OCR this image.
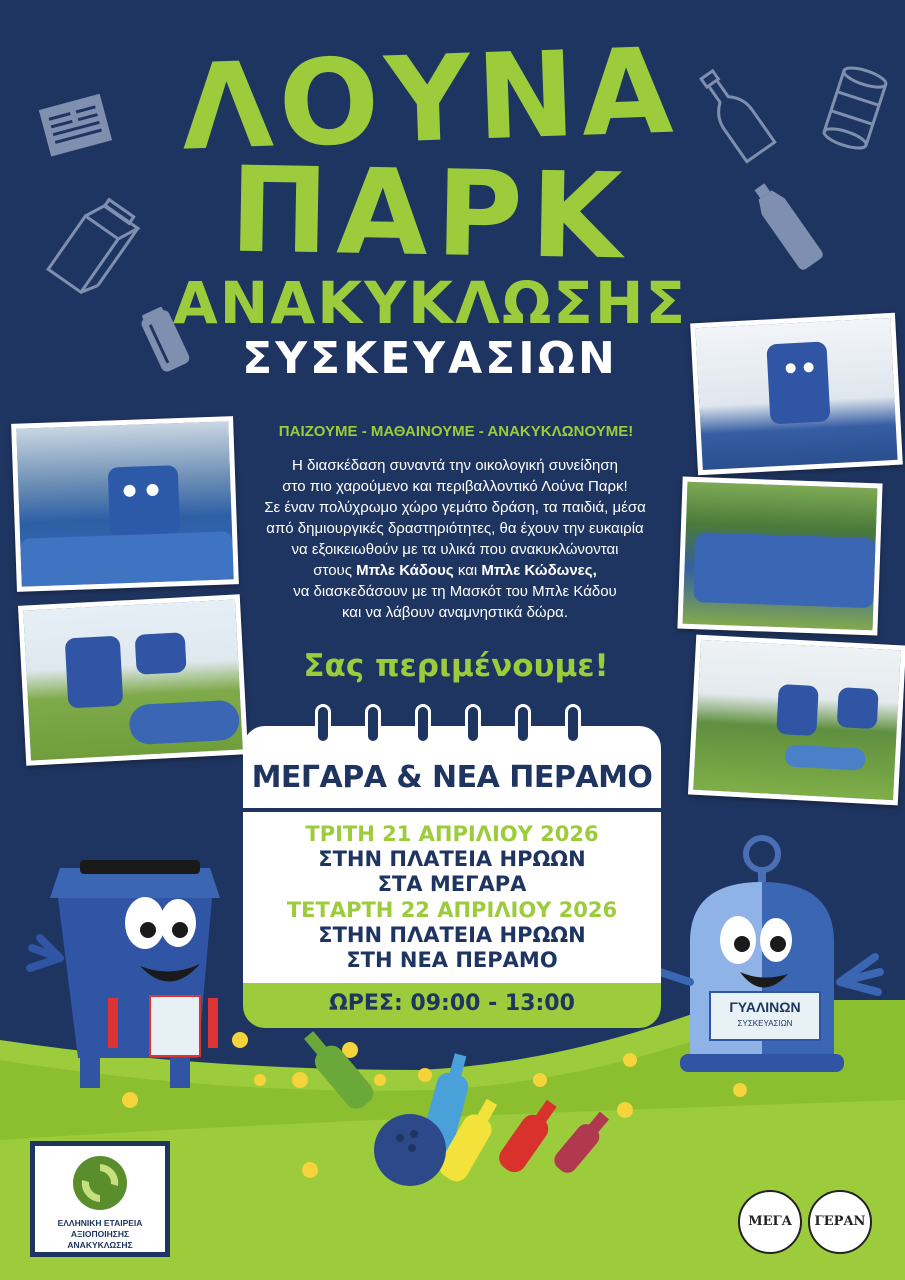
ΛΟΥΝΑ
ΠΑΡΚ
ΑΝΑΚΥΚΛΩΣΗΣ
ΣΥΣΚΕΥΑΣΙΩΝ
ΠΑΙΖΟΥΜΕ - ΜΑΘΑΙΝΟΥΜΕ - ΑΝΑΚΥΚΛΩΝΟΥΜΕ!
Η διασκέδαση συναντά την οικολογική συνείδηση
στο πιο χαρούμενο και περιβαλλοντικό Λούνα Παρκ!
Σε έναν πολύχρωμο χώρο γεμάτο δράση, τα παιδιά, μέσα
από δημιουργικές δραστηριότητες, θα έχουν την ευκαιρία
να εξοικειωθούν με τα υλικά που ανακυκλώνονται
στους Μπλε Κάδους και Μπλε Κώδωνες,
να διασκεδάσουν με τη Μασκότ του Μπλε Κάδου
και να λάβουν αναμνηστικά δώρα.
Σας περιμένουμε!
ΓΥΑΛΙΝΩΝ
ΣΥΣΚΕΥΑΣΙΩΝ
ΜΕΓΑΡΑ & ΝΕΑ ΠΕΡΑΜΟ
ΤΡΙΤΗ 21 ΑΠΡΙΛΙΟΥ 2026
ΣΤΗΝ ΠΛΑΤΕΙΑ ΗΡΩΩΝ
ΣΤΑ ΜΕΓΑΡΑ
ΤΕΤΑΡΤΗ 22 ΑΠΡΙΛΙΟΥ 2026
ΣΤΗΝ ΠΛΑΤΕΙΑ ΗΡΩΩΝ
ΣΤΗ ΝΕΑ ΠΕΡΑΜΟ
ΩΡΕΣ: 09:00 - 13:00
ΕΛΛΗΝΙΚΗ ΕΤΑΙΡΕΙΑ
ΑΞΙΟΠΟΙΗΣΗΣ ΑΝΑΚΥΚΛΩΣΗΣ
ΜΕΓΑ	ΓΕΡΑΝ
